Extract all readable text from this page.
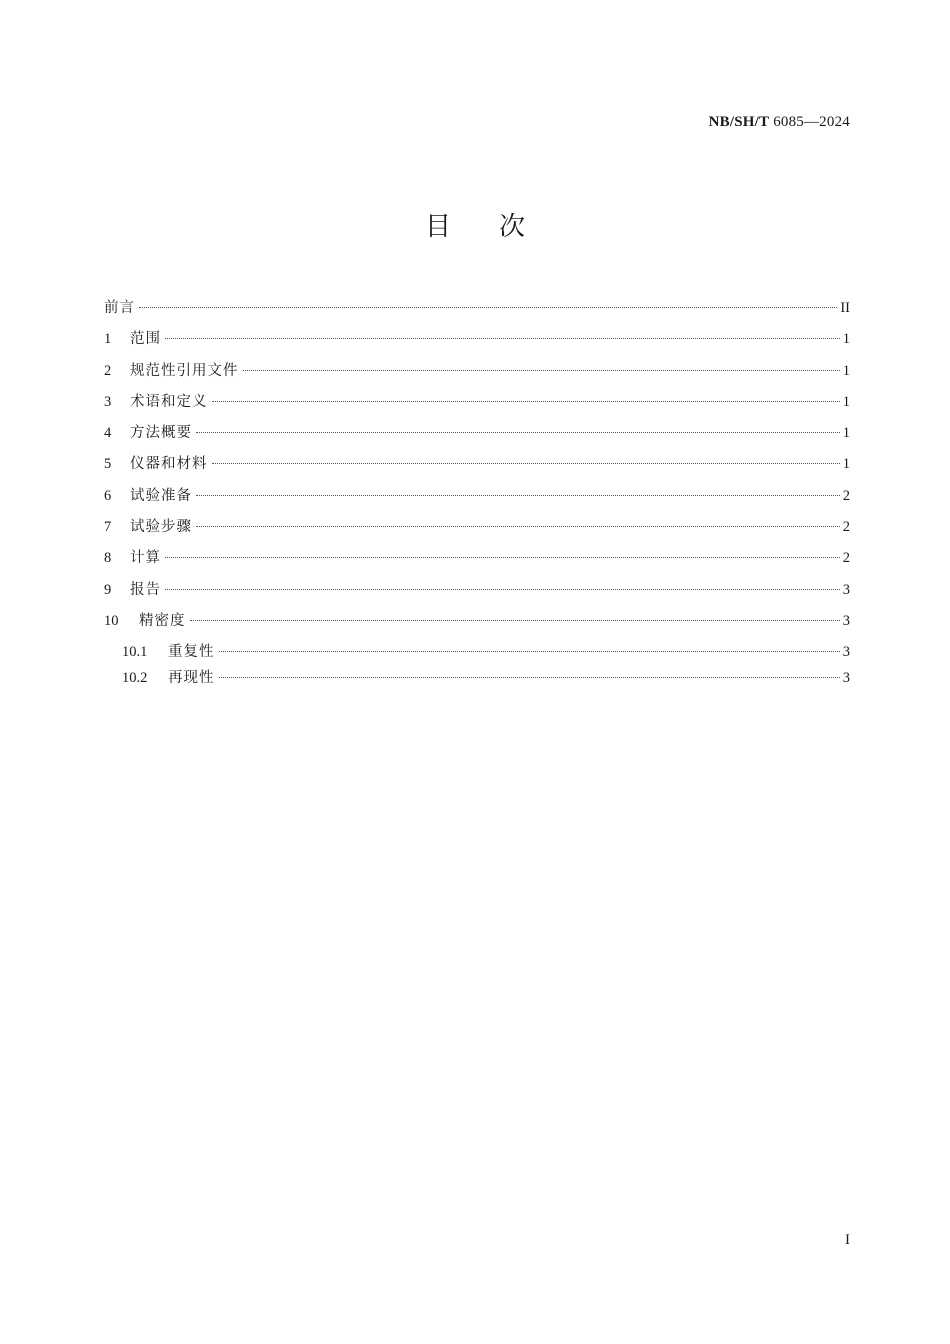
NB/SH/T 6085—2024
目次
前言	II
1	范围	1
2	规范性引用文件	1
3	术语和定义	1
4	方法概要	1
5	仪器和材料	1
6	试验准备	2
7	试验步骤	2
8	计算	2
9	报告	3
10	精密度	3
10.1	重复性	3
10.2	再现性	3
I
